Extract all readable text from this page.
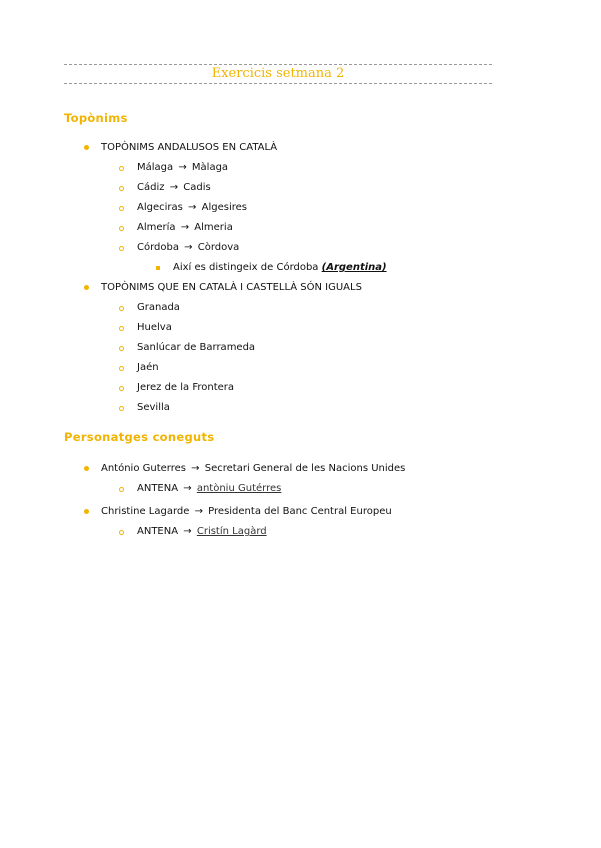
Exercicis setmana 2
Topònims
TOPÒNIMS ANDALUSOS EN CATALÀ
Málaga → Màlaga
Cádiz → Cadis
Algeciras → Algesires
Almería → Almeria
Córdoba → Còrdova
Així es distingeix de Córdoba (Argentina)
TOPÒNIMS QUE EN CATALÀ I CASTELLÀ SÓN IGUALS
Granada
Huelva
Sanlúcar de Barrameda
Jaén
Jerez de la Frontera
Sevilla
Personatges coneguts
António Guterres → Secretari General de les Nacions Unides
ANTENA → antòniu Gutérres
Christine Lagarde → Presidenta del Banc Central Europeu
ANTENA → Cristín Lagàrd
